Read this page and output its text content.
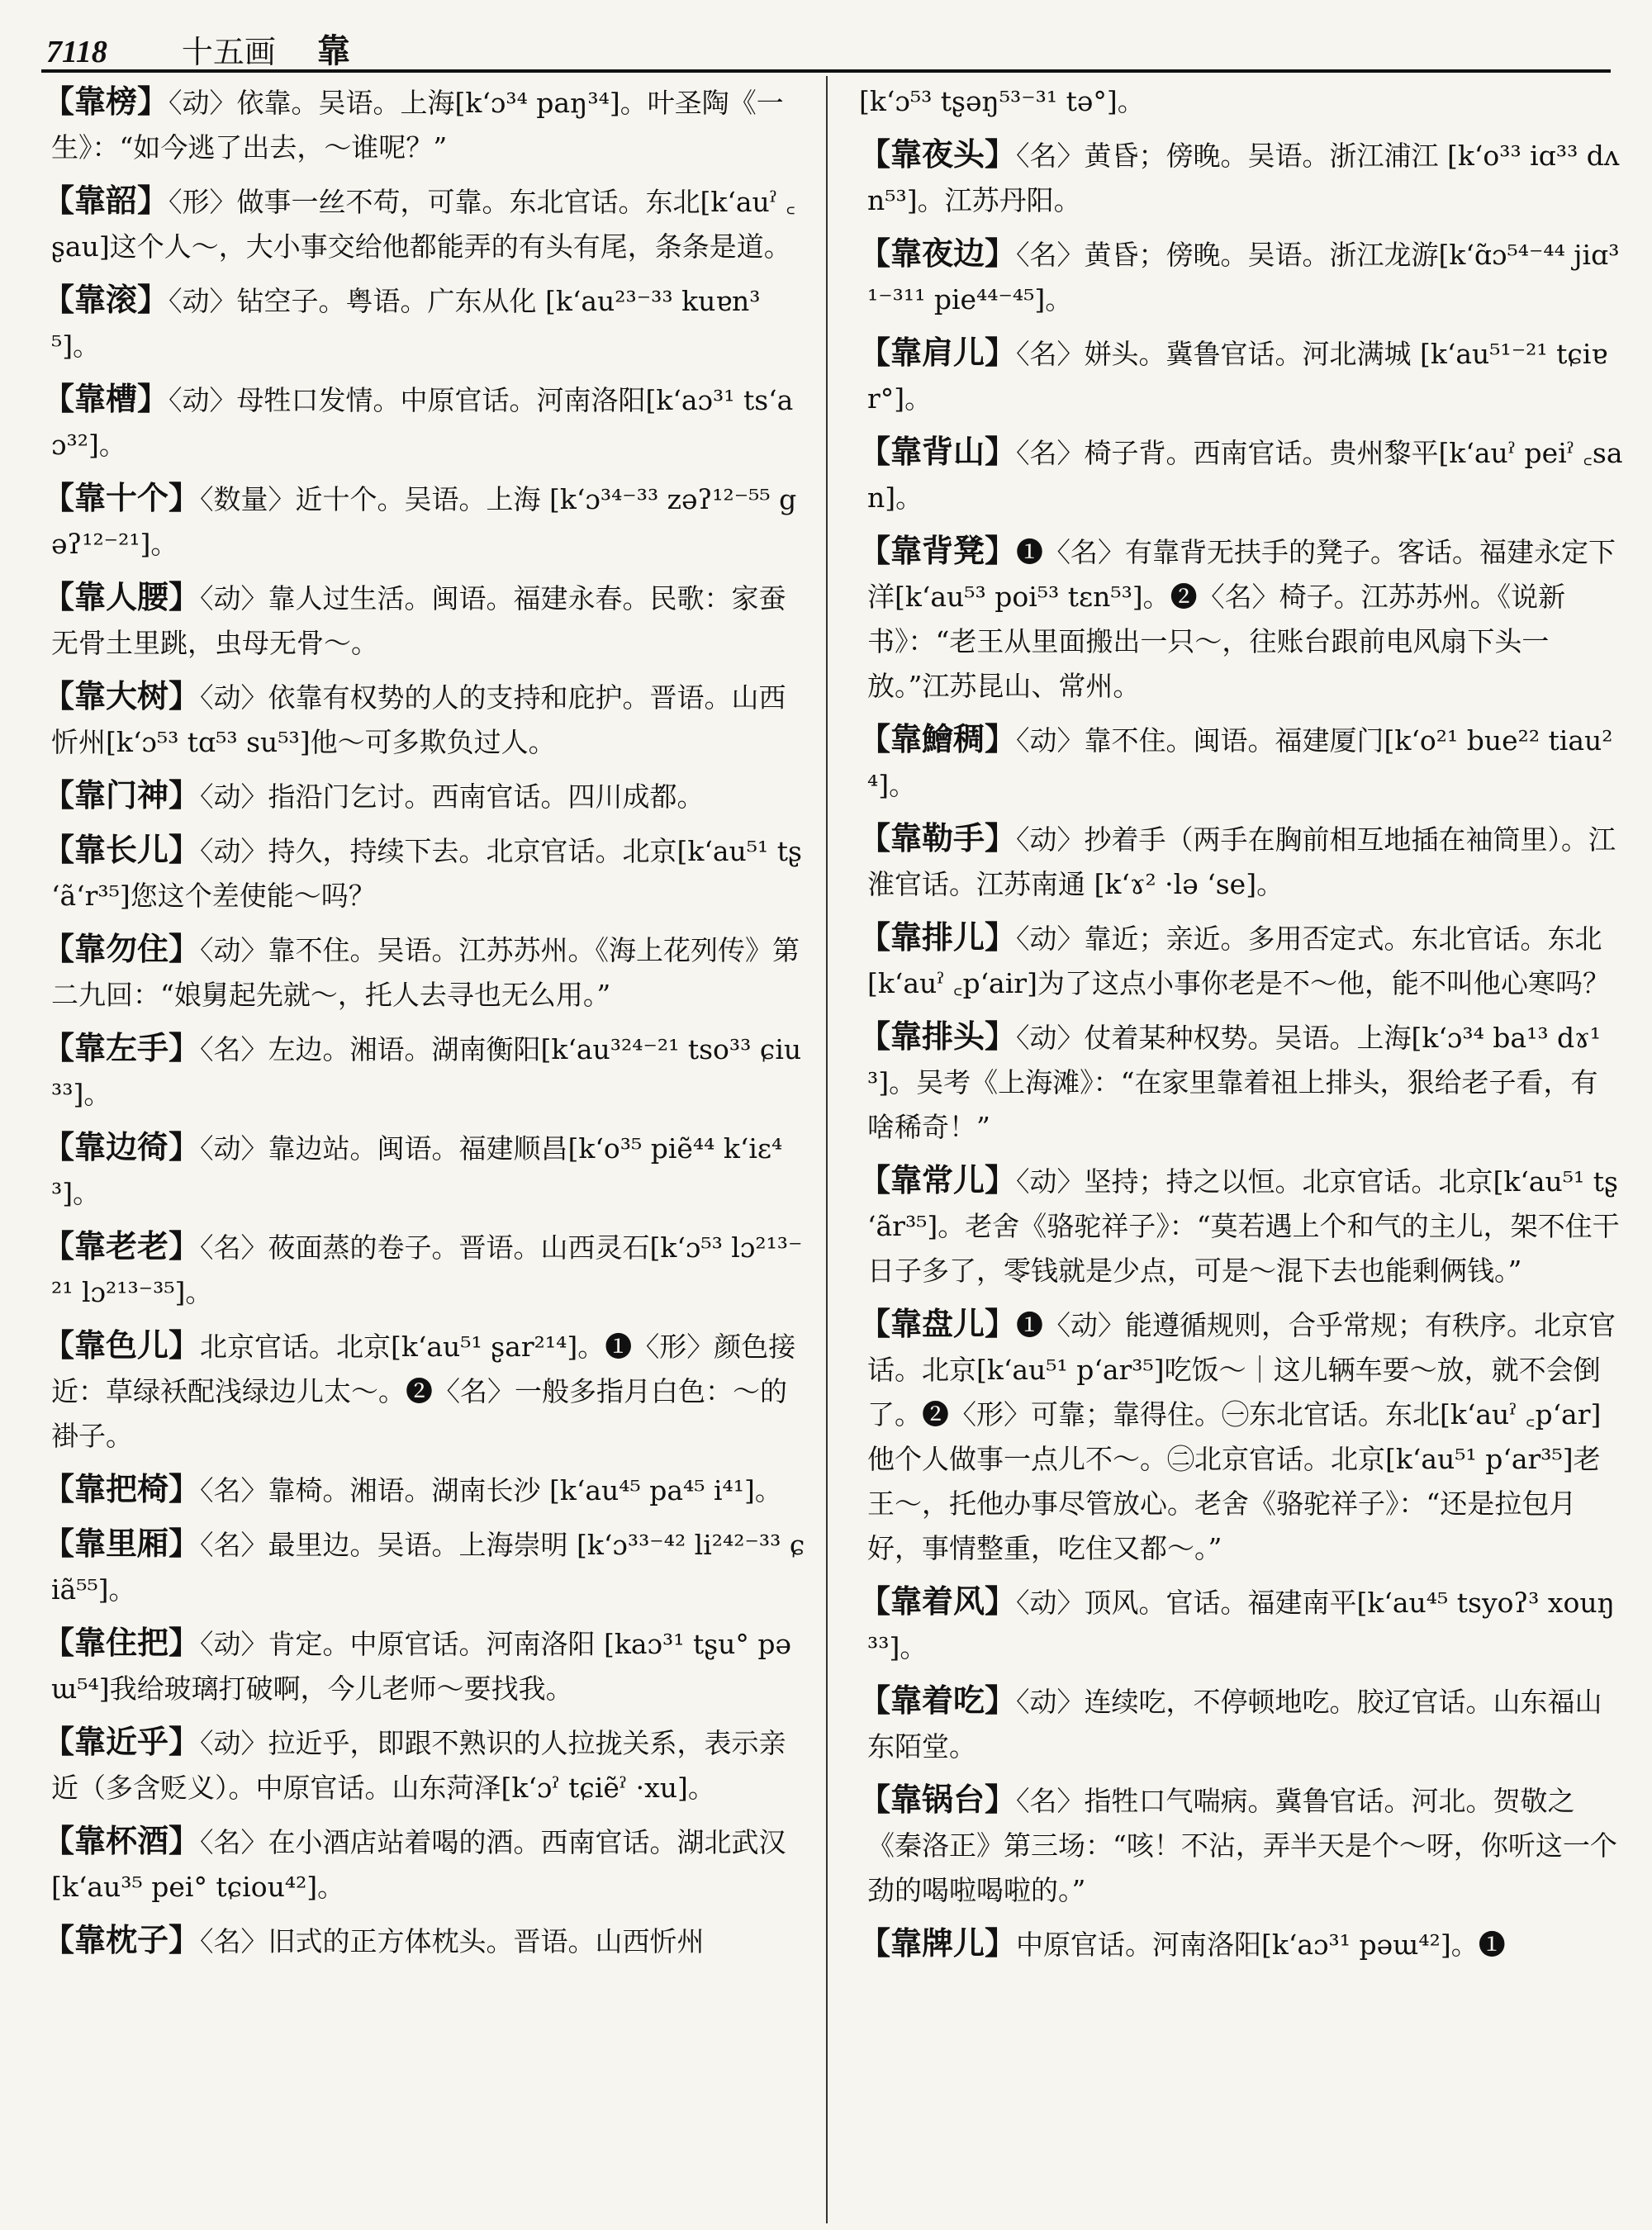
7118 十五画 靠

【靠榜】〈动〉依靠。吴语。上海[kʻɔ³⁴ paŋ³⁴]。叶圣陶《一生》：“如今逃了出去，～谁呢？”

【靠韶】〈形〉做事一丝不苟，可靠。东北官话。东北[kʻauˀ ꜀ʂau]这个人～，大小事交给他都能弄的有头有尾，条条是道。

【靠滚】〈动〉钻空子。粤语。广东从化 [kʻau²³⁻³³ kuɐn³⁵]。

【靠槽】〈动〉母牲口发情。中原官话。河南洛阳[kʻaɔ³¹ tsʻaɔ³²]。

【靠十个】〈数量〉近十个。吴语。上海 [kʻɔ³⁴⁻³³ zəʔ¹²⁻⁵⁵ gəʔ¹²⁻²¹]。

【靠人腰】〈动〉靠人过生活。闽语。福建永春。民歌：家蚕无骨土里跳，虫母无骨～。

【靠大树】〈动〉依靠有权势的人的支持和庇护。晋语。山西忻州[kʻɔ⁵³ tɑ⁵³ su⁵³]他～可多欺负过人。

【靠门神】〈动〉指沿门乞讨。西南官话。四川成都。

【靠长儿】〈动〉持久，持续下去。北京官话。北京[kʻau⁵¹ tʂʻãʻr³⁵]您这个差使能～吗？

【靠勿住】〈动〉靠不住。吴语。江苏苏州。《海上花列传》第二九回：“娘舅起先就～，托人去寻也无么用。”

【靠左手】〈名〉左边。湘语。湖南衡阳[kʻau³²⁴⁻²¹ tso³³ ɕiu³³]。

【靠边徛】〈动〉靠边站。闽语。福建顺昌[kʻo³⁵ piẽ⁴⁴ kʻiɛ⁴³]。

【靠老老】〈名〉莜面蒸的卷子。晋语。山西灵石[kʻɔ⁵³ lɔ²¹³⁻²¹ lɔ²¹³⁻³⁵]。

【靠色儿】北京官话。北京[kʻau⁵¹ ʂar²¹⁴]。❶〈形〉颜色接近：草绿袄配浅绿边儿太～。❷〈名〉一般多指月白色：～的褂子。

【靠把椅】〈名〉靠椅。湘语。湖南长沙 [kʻau⁴⁵ pa⁴⁵ i⁴¹]。

【靠里厢】〈名〉最里边。吴语。上海崇明 [kʻɔ³³⁻⁴² li²⁴²⁻³³ ɕiã⁵⁵]。

【靠住把】〈动〉肯定。中原官话。河南洛阳 [kaɔ³¹ tʂu° pəɯ⁵⁴]我给玻璃打破啊，今儿老师～要找我。

【靠近乎】〈动〉拉近乎，即跟不熟识的人拉拢关系，表示亲近（多含贬义）。中原官话。山东菏泽[kʻɔˀ tɕiẽˀ ·xu]。

【靠杯酒】〈名〉在小酒店站着喝的酒。西南官话。湖北武汉[kʻau³⁵ pei° tɕiou⁴²]。

【靠枕子】〈名〉旧式的正方体枕头。晋语。山西忻州

[kʻɔ⁵³ tʂəŋ⁵³⁻³¹ tə°]。

【靠夜头】〈名〉黄昏；傍晚。吴语。浙江浦江 [kʻo³³ iɑ³³ dʌn⁵³]。江苏丹阳。

【靠夜边】〈名〉黄昏；傍晚。吴语。浙江龙游[kʻɑ̃ɔ⁵⁴⁻⁴⁴ jiɑ³¹⁻³¹¹ pie⁴⁴⁻⁴⁵]。

【靠肩儿】〈名〉姘头。冀鲁官话。河北满城 [kʻau⁵¹⁻²¹ tɕiɐr°]。

【靠背山】〈名〉椅子背。西南官话。贵州黎平[kʻauˀ peiˀ ꜀san]。

【靠背凳】❶〈名〉有靠背无扶手的凳子。客话。福建永定下洋[kʻau⁵³ poi⁵³ tɛn⁵³]。❷〈名〉椅子。江苏苏州。《说新书》：“老王从里面搬出一只～，往账台跟前电风扇下头一放。”江苏昆山、常州。

【靠鱠稠】〈动〉靠不住。闽语。福建厦门[kʻo²¹ bue²² tiau²⁴]。

【靠勒手】〈动〉抄着手（两手在胸前相互地插在袖筒里）。江淮官话。江苏南通 [kʻɤ² ·lə ʻse]。

【靠排儿】〈动〉靠近；亲近。多用否定式。东北官话。东北[kʻauˀ ꜀pʻair]为了这点小事你老是不～他，能不叫他心寒吗？

【靠排头】〈动〉仗着某种权势。吴语。上海[kʻɔ³⁴ ba¹³ dɤ¹³]。吴考《上海滩》：“在家里靠着祖上排头，狠给老子看，有啥稀奇！”

【靠常儿】〈动〉坚持；持之以恒。北京官话。北京[kʻau⁵¹ tʂʻãr³⁵]。老舍《骆驼祥子》：“莫若遇上个和气的主儿，架不住干日子多了，零钱就是少点，可是～混下去也能剩俩钱。”

【靠盘儿】❶〈动〉能遵循规则，合乎常规；有秩序。北京官话。北京[kʻau⁵¹ pʻar³⁵]吃饭～｜这儿辆车要～放，就不会倒了。❷〈形〉可靠；靠得住。㊀东北官话。东北[kʻauˀ ꜀pʻar]他个人做事一点儿不～。㊁北京官话。北京[kʻau⁵¹ pʻar³⁵]老王～，托他办事尽管放心。老舍《骆驼祥子》：“还是拉包月好，事情整重，吃住又都～。”

【靠着风】〈动〉顶风。官话。福建南平[kʻau⁴⁵ tsyoʔ³ xouŋ³³]。

【靠着吃】〈动〉连续吃，不停顿地吃。胶辽官话。山东福山东陌堂。

【靠锅台】〈名〉指牲口气喘病。冀鲁官话。河北。贺敬之《秦洛正》第三场：“咳！不沾，弄半天是个～呀，你听这一个劲的喝啦喝啦的。”

【靠牌儿】中原官话。河南洛阳[kʻaɔ³¹ pəɯ⁴²]。❶
